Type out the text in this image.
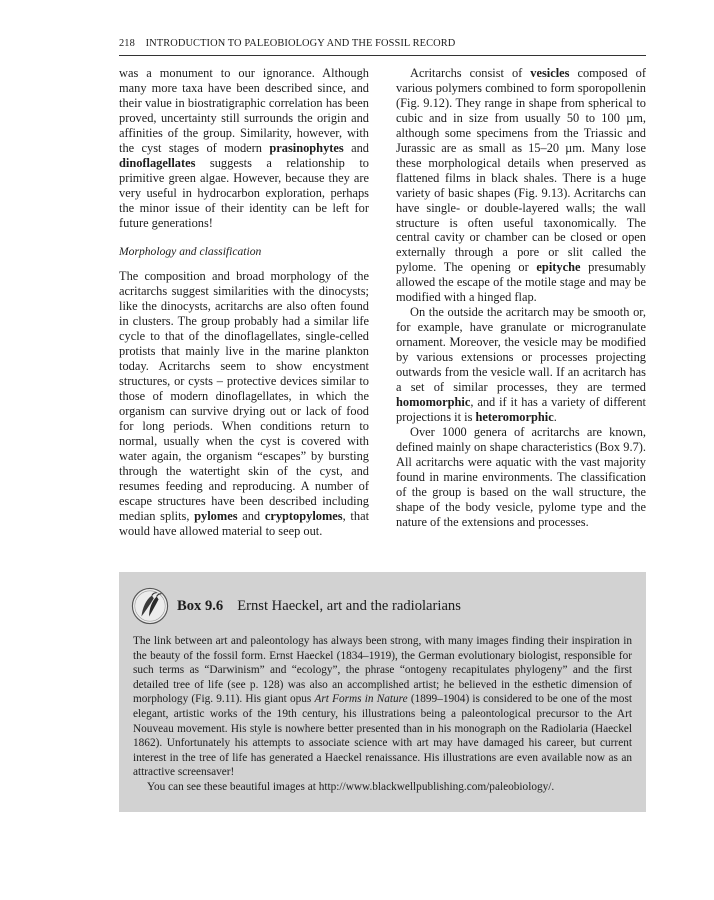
218 INTRODUCTION TO PALEOBIOLOGY AND THE FOSSIL RECORD

was a monument to our ignorance. Although many more taxa have been described since, and their value in biostratigraphic correlation has been proved, uncertainty still surrounds the origin and affinities of the group. Similarity, however, with the cyst stages of modern prasinophytes and dinoflagellates suggests a relationship to primitive green algae. However, because they are very useful in hydrocarbon exploration, perhaps the minor issue of their identity can be left for future generations!

Morphology and classification

The composition and broad morphology of the acritarchs suggest similarities with the dinocysts; like the dinocysts, acritarchs are also often found in clusters. The group probably had a similar life cycle to that of the dinoflagellates, single-celled protists that mainly live in the marine plankton today. Acritarchs seem to show encystment structures, or cysts – protective devices similar to those of modern dinoflagellates, in which the organism can survive drying out or lack of food for long periods. When conditions return to normal, usually when the cyst is covered with water again, the organism “escapes” by bursting through the watertight skin of the cyst, and resumes feeding and reproducing. A number of escape structures have been described including median splits, pylomes and cryptopylomes, that would have allowed material to seep out.

Acritarchs consist of vesicles composed of various polymers combined to form sporopollenin (Fig. 9.12). They range in shape from spherical to cubic and in size from usually 50 to 100 µm, although some specimens from the Triassic and Jurassic are as small as 15–20 µm. Many lose these morphological details when preserved as flattened films in black shales. There is a huge variety of basic shapes (Fig. 9.13). Acritarchs can have single- or double-layered walls; the wall structure is often useful taxonomically. The central cavity or chamber can be closed or open externally through a pore or slit called the pylome. The opening or epityche presumably allowed the escape of the motile stage and may be modified with a hinged flap.

On the outside the acritarch may be smooth or, for example, have granulate or microgranulate ornament. Moreover, the vesicle may be modified by various extensions or processes projecting outwards from the vesicle wall. If an acritarch has a set of similar processes, they are termed homomorphic, and if it has a variety of different projections it is heteromorphic.

Over 1000 genera of acritarchs are known, defined mainly on shape characteristics (Box 9.7). All acritarchs were aquatic with the vast majority found in marine environments. The classification of the group is based on the wall structure, the shape of the body vesicle, pylome type and the nature of the extensions and processes.

Box 9.6 Ernst Haeckel, art and the radiolarians

The link between art and paleontology has always been strong, with many images finding their inspiration in the beauty of the fossil form. Ernst Haeckel (1834–1919), the German evolutionary biologist, responsible for such terms as “Darwinism” and “ecology”, the phrase “ontogeny recapitulates phylogeny” and the first detailed tree of life (see p. 128) was also an accomplished artist; he believed in the esthetic dimension of morphology (Fig. 9.11). His giant opus Art Forms in Nature (1899–1904) is considered to be one of the most elegant, artistic works of the 19th century, his illustrations being a paleontological precursor to the Art Nouveau movement. His style is nowhere better presented than in his monograph on the Radiolaria (Haeckel 1862). Unfortunately his attempts to associate science with art may have damaged his career, but current interest in the tree of life has generated a Haeckel renaissance. His illustrations are even available now as an attractive screensaver!

You can see these beautiful images at http://www.blackwellpublishing.com/paleobiology/.
